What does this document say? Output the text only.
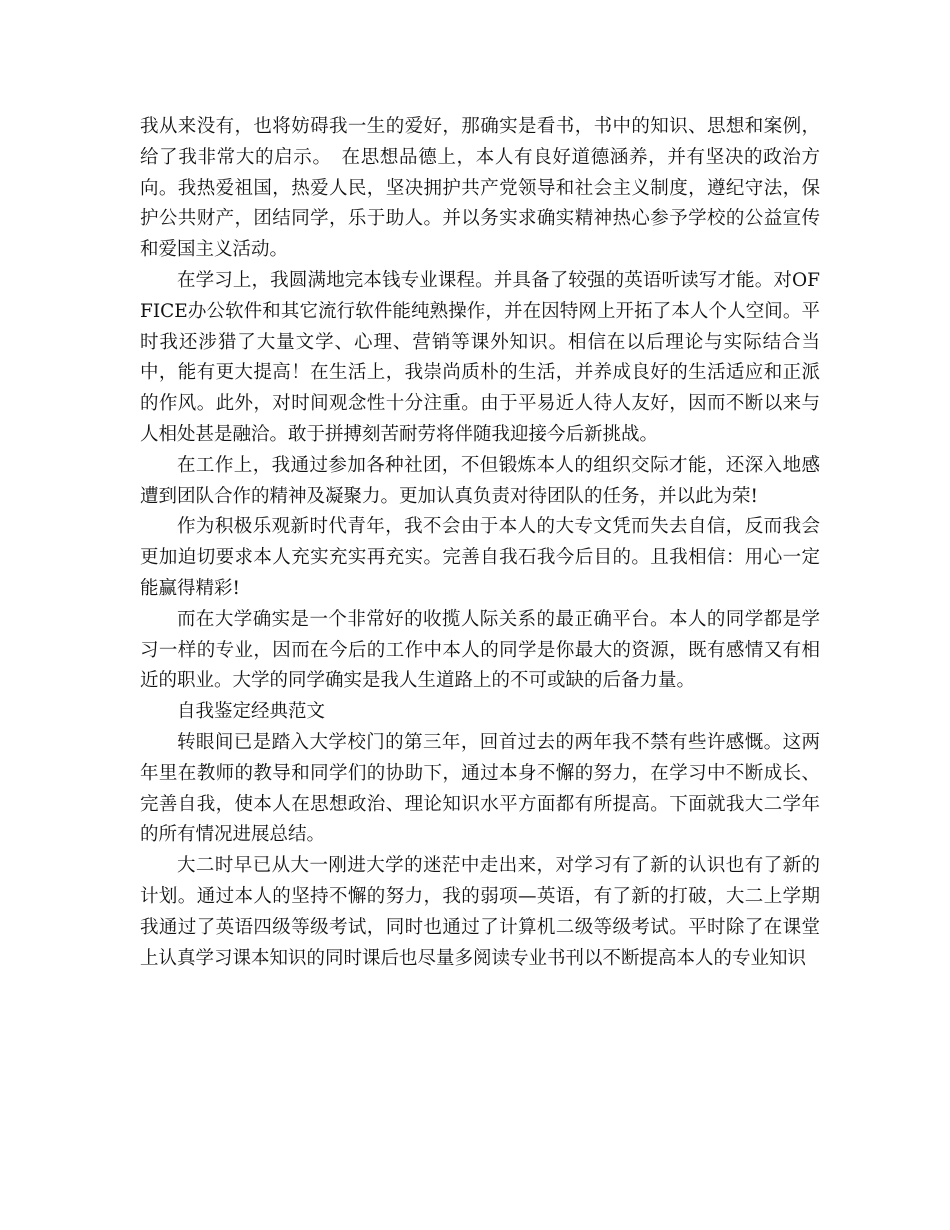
我从来没有，也将妨碍我一生的爱好，那确实是看书，书中的知识、思想和案例，给了我非常大的启示。　在思想品德上，本人有良好道德涵养，并有坚决的政治方向。我热爱祖国，热爱人民，坚决拥护共产党领导和社会主义制度，遵纪守法，保护公共财产，团结同学，乐于助人。并以务实求确实精神热心参予学校的公益宣传和爱国主义活动。

在学习上，我圆满地完本钱专业课程。并具备了较强的英语听读写才能。对OFFICE办公软件和其它流行软件能纯熟操作，并在因特网上开拓了本人个人空间。平时我还涉猎了大量文学、心理、营销等课外知识。相信在以后理论与实际结合当中，能有更大提高！在生活上，我崇尚质朴的生活，并养成良好的生活适应和正派的作风。此外，对时间观念性十分注重。由于平易近人待人友好，因而不断以来与人相处甚是融洽。敢于拼搏刻苦耐劳将伴随我迎接今后新挑战。

在工作上，我通过参加各种社团，不但锻炼本人的组织交际才能，还深入地感遭到团队合作的精神及凝聚力。更加认真负责对待团队的任务，并以此为荣!

作为积极乐观新时代青年，我不会由于本人的大专文凭而失去自信，反而我会更加迫切要求本人充实充实再充实。完善自我石我今后目的。且我相信：用心一定能赢得精彩!

而在大学确实是一个非常好的收揽人际关系的最正确平台。本人的同学都是学习一样的专业，因而在今后的工作中本人的同学是你最大的资源，既有感情又有相近的职业。大学的同学确实是我人生道路上的不可或缺的后备力量。

自我鉴定经典范文

转眼间已是踏入大学校门的第三年，回首过去的两年我不禁有些许感慨。这两年里在教师的教导和同学们的协助下，通过本身不懈的努力，在学习中不断成长、完善自我，使本人在思想政治、理论知识水平方面都有所提高。下面就我大二学年的所有情况进展总结。

大二时早已从大一刚进大学的迷茫中走出来，对学习有了新的认识也有了新的计划。通过本人的坚持不懈的努力，我的弱项—英语，有了新的打破，大二上学期我通过了英语四级等级考试，同时也通过了计算机二级等级考试。平时除了在课堂上认真学习课本知识的同时课后也尽量多阅读专业书刊以不断提高本人的专业知识
